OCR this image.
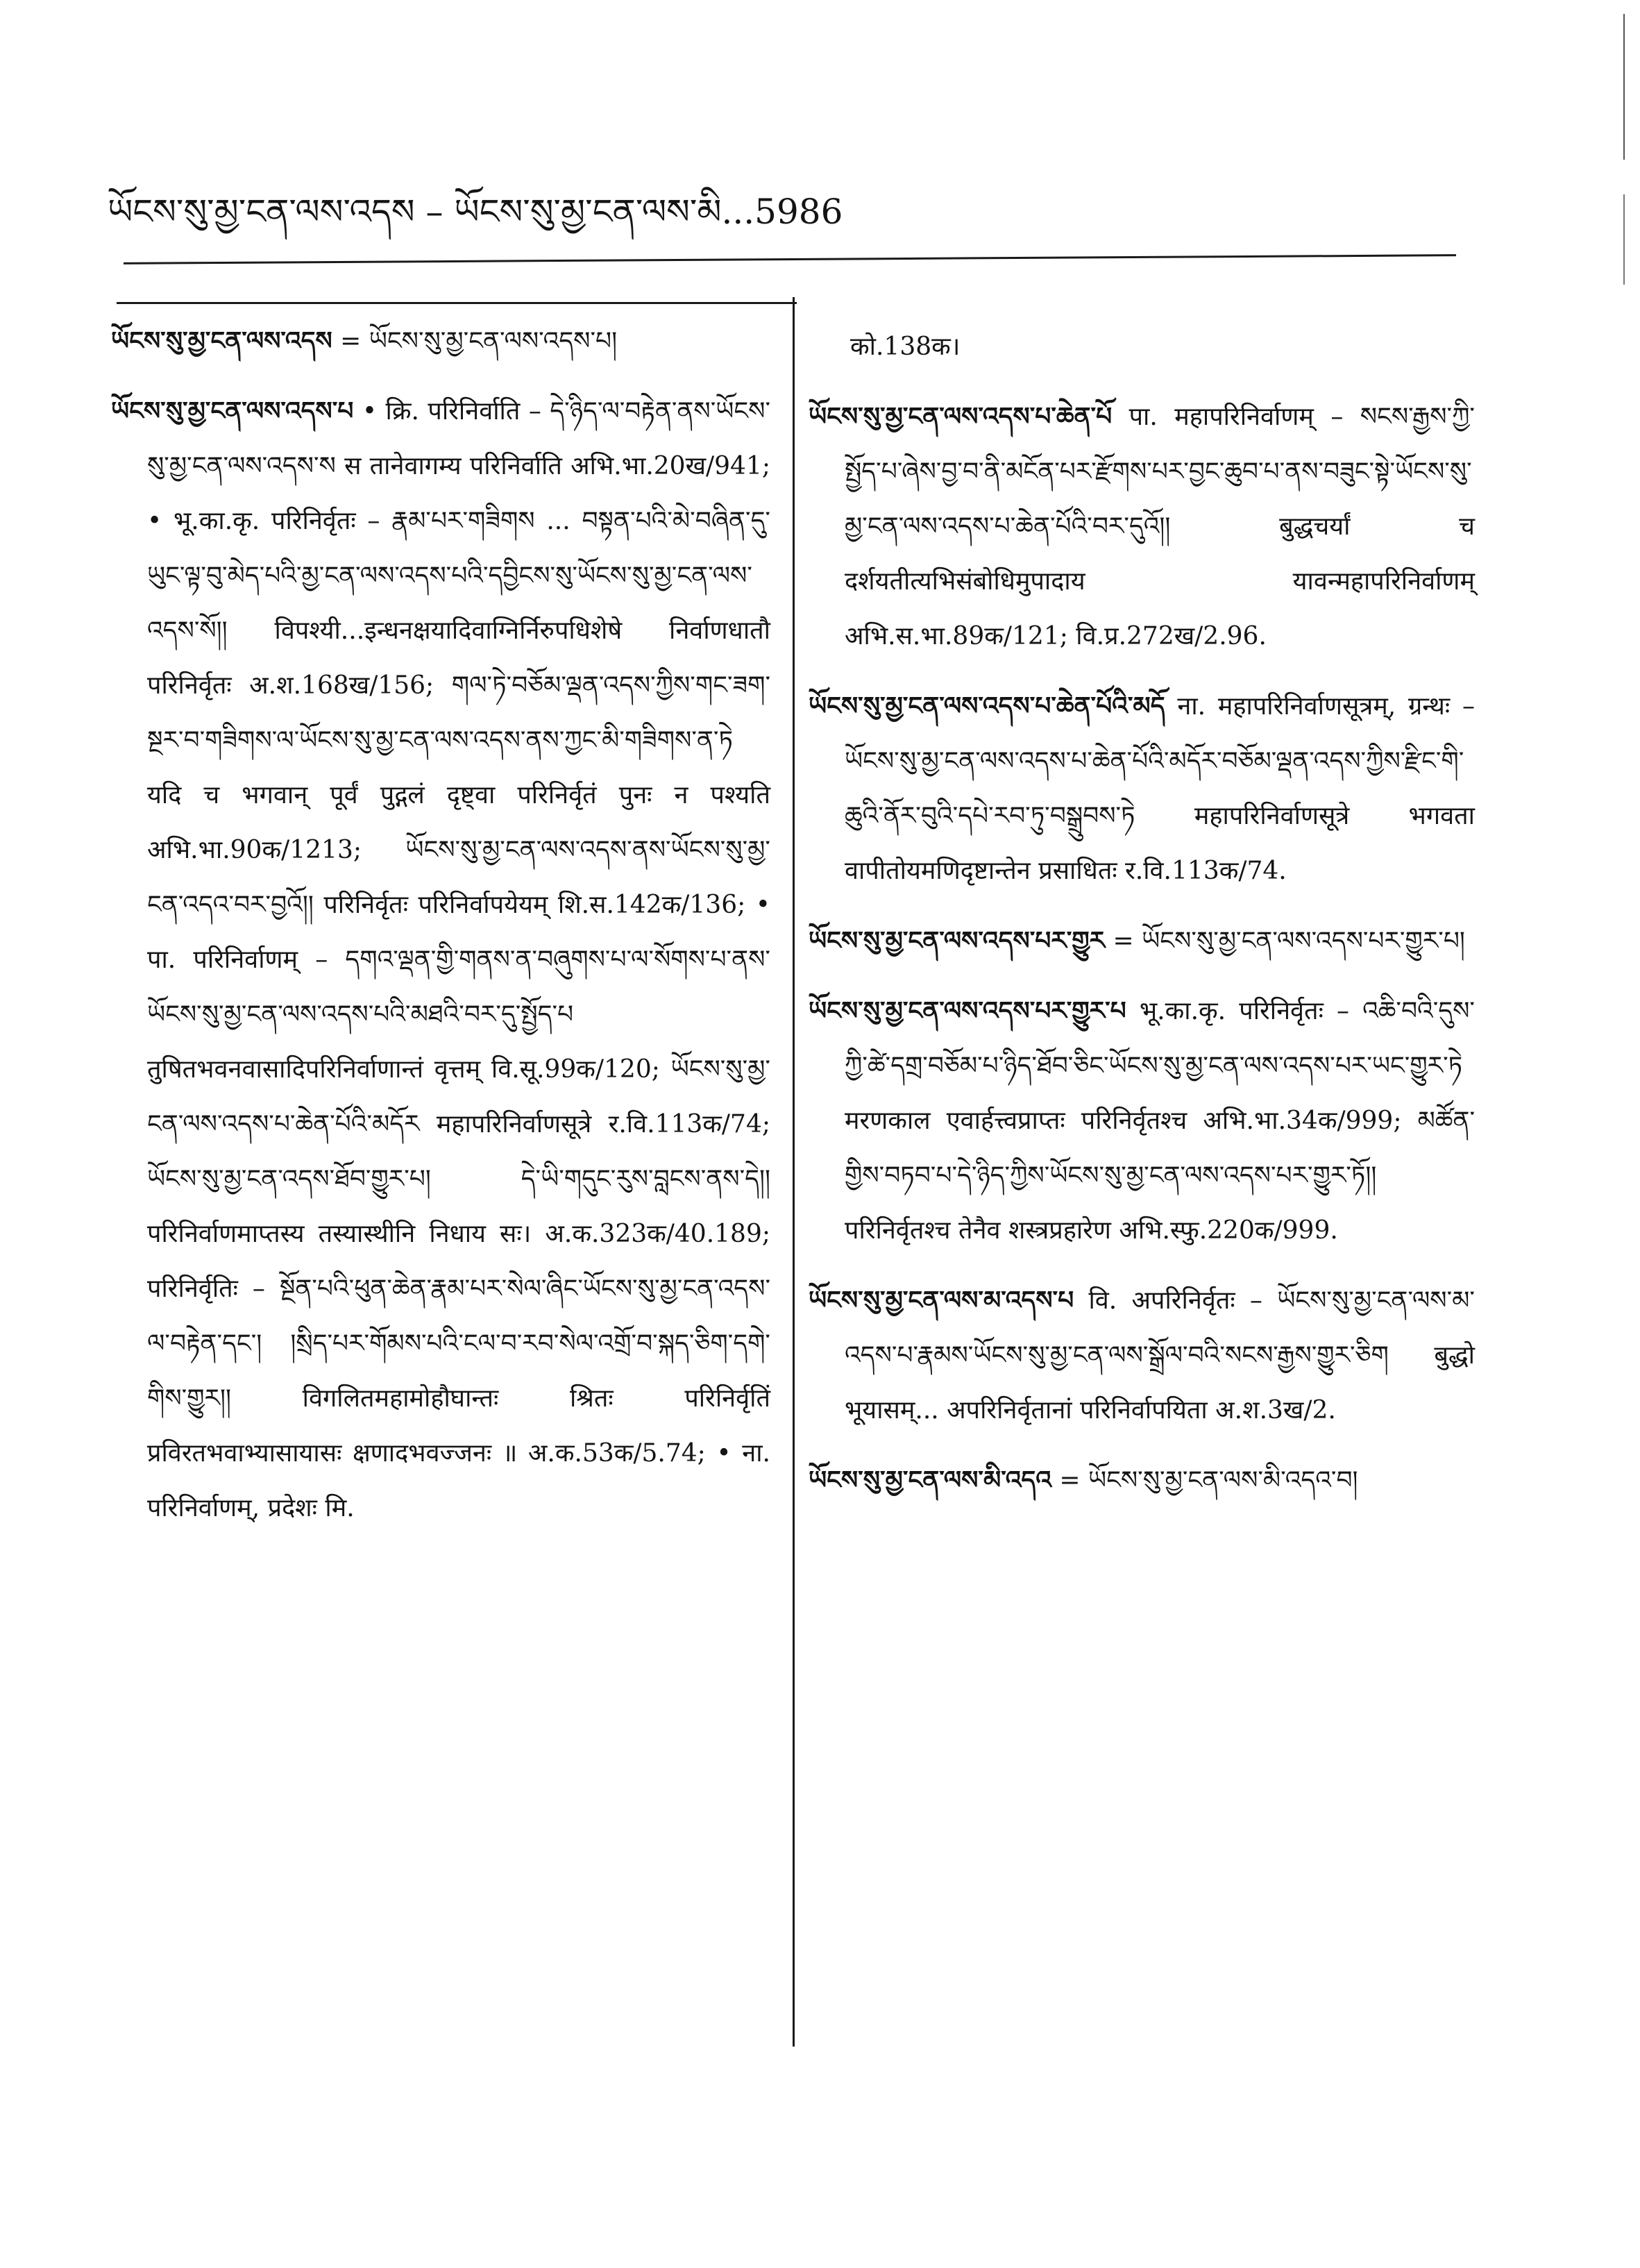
ཡོངས་སུ་མྱ་ངན་ལས་འདས – ཡོངས་སུ་མྱ་ངན་ལས་མི...5986

ཡོངས་སུ་མྱ་ངན་ལས་འདས = ཡོངས་སུ་མྱ་ངན་ལས་འདས་པ།

ཡོངས་སུ་མྱ་ངན་ལས་འདས་པ • क्रि. परिनिर्वाति – དེ་ཉིད་ལ་བརྟེན་ནས་ཡོངས་སུ་མྱ་ངན་ལས་འདས་ས स तानेवागम्य परिनिर्वाति अभि.भा.20ख/941; • भू.का.कृ. परिनिर्वृतः – རྣམ་པར་གཟིགས ... བསྟན་པའི་མེ་བཞིན་དུ་ཡུང་ལྟ་བུ་མེད་པའི་མྱ་ངན་ལས་འདས་པའི་དབྱིངས་སུ་ཡོངས་སུ་མྱ་ངན་ལས་འདས་སོ།། विपश्यी...इन्धनक्षयादिवाग्निर्निरुपधिशेषे निर्वाणधातौ परिनिर्वृतः अ.श.168ख/156; གལ་ཏེ་བཅོམ་ལྡན་འདས་ཀྱིས་གང་ཟག་སྔར་བ་གཟིགས་ལ་ཡོངས་སུ་མྱ་ངན་ལས་འདས་ནས་ཀྱང་མི་གཟིགས་ན་ཏེ यदि च भगवान् पूर्वं पुद्गलं दृष्ट्वा परिनिर्वृतं पुनः न पश्यति अभि.भा.90क/1213; ཡོངས་སུ་མྱ་ངན་ལས་འདས་ནས་ཡོངས་སུ་མྱ་ངན་འདའ་བར་བྱའོ།། परिनिर्वृतः परिनिर्वापयेयम् शि.स.142क/136; • पा. परिनिर्वाणम् – དགའ་ལྡན་གྱི་གནས་ན་བཞུགས་པ་ལ་སོགས་པ་ནས་ཡོངས་སུ་མྱ་ངན་ལས་འདས་པའི་མཐའི་བར་དུ་སྤྱོད་པ तुषितभवनवासादिपरिनिर्वाणान्तं वृत्तम् वि.सू.99क/120; ཡོངས་སུ་མྱ་ངན་ལས་འདས་པ་ཆེན་པོའི་མདོར महापरिनिर्वाणसूत्रे र.वि.113क/74; ཡོངས་སུ་མྱ་ངན་འདས་ཐོབ་གྱུར་པ། དེ་ཡི་གདུང་རུས་བླངས་ནས་དེ།། परिनिर्वाणमाप्तस्य तस्यास्थीनि निधाय सः। अ.क.323क/40.189; परिनिर्वृतिः – སྔོན་པའི་ཕུན་ཆེན་རྣམ་པར་སེལ་ཞིང་ཡོངས་སུ་མྱ་ངན་འདས་ལ་བརྟེན་དང་། །སྲིད་པར་གོམས་པའི་ངལ་བ་རབ་སེལ་འགྲོ་བ་སྐད་ཅིག་དགེ་གིས་གྱུར།། विगलितमहामोहौघान्तः श्रितः परिनिर्वृतिं प्रविरतभवाभ्यासायासः क्षणादभवज्जनः ॥ अ.क.53क/5.74; • ना. परिनिर्वाणम्, प्रदेशः मि.

को.138क।

ཡོངས་སུ་མྱ་ངན་ལས་འདས་པ་ཆེན་པོ पा. महापरिनिर्वाणम् – སངས་རྒྱས་ཀྱི་སྤྱོད་པ་ཞེས་བྱ་བ་ནི་མངོན་པར་རྫོགས་པར་བྱང་ཆུབ་པ་ནས་བཟུང་སྟེ་ཡོངས་སུ་མྱ་ངན་ལས་འདས་པ་ཆེན་པོའི་བར་དུའོ།། बुद्धचर्यां च दर्शयतीत्यभिसंबोधिमुपादाय यावन्महापरिनिर्वाणम् अभि.स.भा.89क/121; वि.प्र.272ख/2.96.

ཡོངས་སུ་མྱ་ངན་ལས་འདས་པ་ཆེན་པོའི་མདོ ना. महापरिनिर्वाणसूत्रम्, ग्रन्थः – ཡོངས་སུ་མྱ་ངན་ལས་འདས་པ་ཆེན་པོའི་མདོར་བཅོམ་ལྡན་འདས་ཀྱིས་རྫིང་གི་ཆུའི་ནོར་བུའི་དཔེ་རབ་ཏུ་བསྒྲུབས་ཏེ महापरिनिर्वाणसूत्रे भगवता वापीतोयमणिदृष्टान्तेन प्रसाधितः र.वि.113क/74.

ཡོངས་སུ་མྱ་ངན་ལས་འདས་པར་གྱུར = ཡོངས་སུ་མྱ་ངན་ལས་འདས་པར་གྱུར་པ།

ཡོངས་སུ་མྱ་ངན་ལས་འདས་པར་གྱུར་པ भू.का.कृ. परिनिर्वृतः – འཆི་བའི་དུས་ཀྱི་ཚེ་དགྲ་བཅོམ་པ་ཉིད་ཐོབ་ཅིང་ཡོངས་སུ་མྱ་ངན་ལས་འདས་པར་ཡང་གྱུར་ཏེ मरणकाल एवार्हत्त्वप्राप्तः परिनिर्वृतश्च अभि.भा.34क/999; མཚོན་གྱིས་བཏབ་པ་དེ་ཉིད་ཀྱིས་ཡོངས་སུ་མྱ་ངན་ལས་འདས་པར་གྱུར་ཏོ།། परिनिर्वृतश्च तेनैव शस्त्रप्रहारेण अभि.स्फु.220क/999.

ཡོངས་སུ་མྱ་ངན་ལས་མ་འདས་པ वि. अपरिनिर्वृतः – ཡོངས་སུ་མྱ་ངན་ལས་མ་འདས་པ་རྣམས་ཡོངས་སུ་མྱ་ངན་ལས་སྒྲོལ་བའི་སངས་རྒྱས་གྱུར་ཅིག बुद्धो भूयासम्... अपरिनिर्वृतानां परिनिर्वापयिता अ.श.3ख/2.

ཡོངས་སུ་མྱ་ངན་ལས་མི་འདའ = ཡོངས་སུ་མྱ་ངན་ལས་མི་འདའ་བ།
